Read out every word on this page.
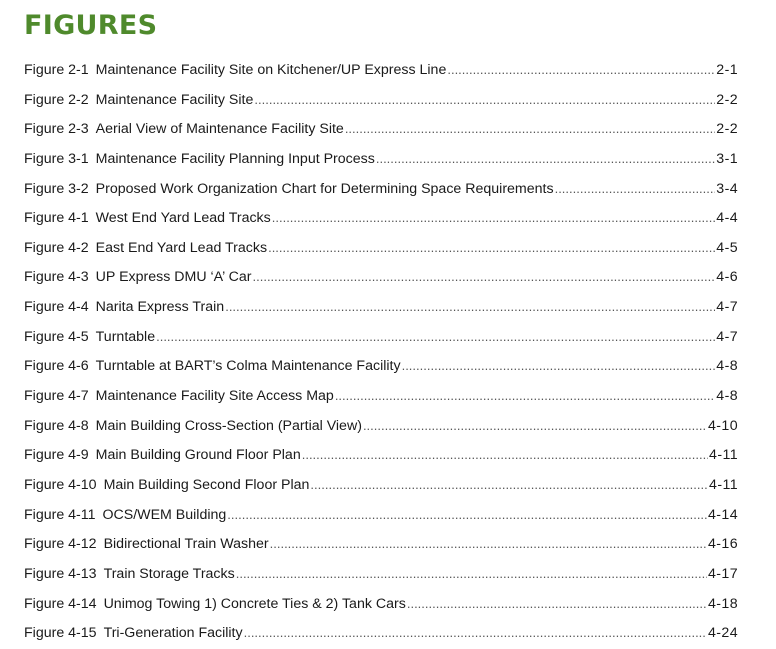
FIGURES
Figure 2-1 Maintenance Facility Site on Kitchener/UP Express Line .....	2-1
Figure 2-2 Maintenance Facility Site .....	2-2
Figure 2-3 Aerial View of Maintenance Facility Site .....	2-2
Figure 3-1 Maintenance Facility Planning Input Process .....	3-1
Figure 3-2 Proposed Work Organization Chart for Determining Space Requirements .....	3-4
Figure 4-1 West End Yard Lead Tracks .....	4-4
Figure 4-2 East End Yard Lead Tracks .....	4-5
Figure 4-3 UP Express DMU ‘A’ Car .....	4-6
Figure 4-4 Narita Express Train .....	4-7
Figure 4-5 Turntable .....	4-7
Figure 4-6 Turntable at BART’s Colma Maintenance Facility .....	4-8
Figure 4-7 Maintenance Facility Site Access Map .....	4-8
Figure 4-8 Main Building Cross-Section (Partial View) .....	4-10
Figure 4-9 Main Building Ground Floor Plan .....	4-11
Figure 4-10 Main Building Second Floor Plan .....	4-11
Figure 4-11 OCS/WEM Building .....	4-14
Figure 4-12 Bidirectional Train Washer .....	4-16
Figure 4-13 Train Storage Tracks .....	4-17
Figure 4-14 Unimog Towing 1) Concrete Ties & 2) Tank Cars .....	4-18
Figure 4-15 Tri-Generation Facility .....	4-24
